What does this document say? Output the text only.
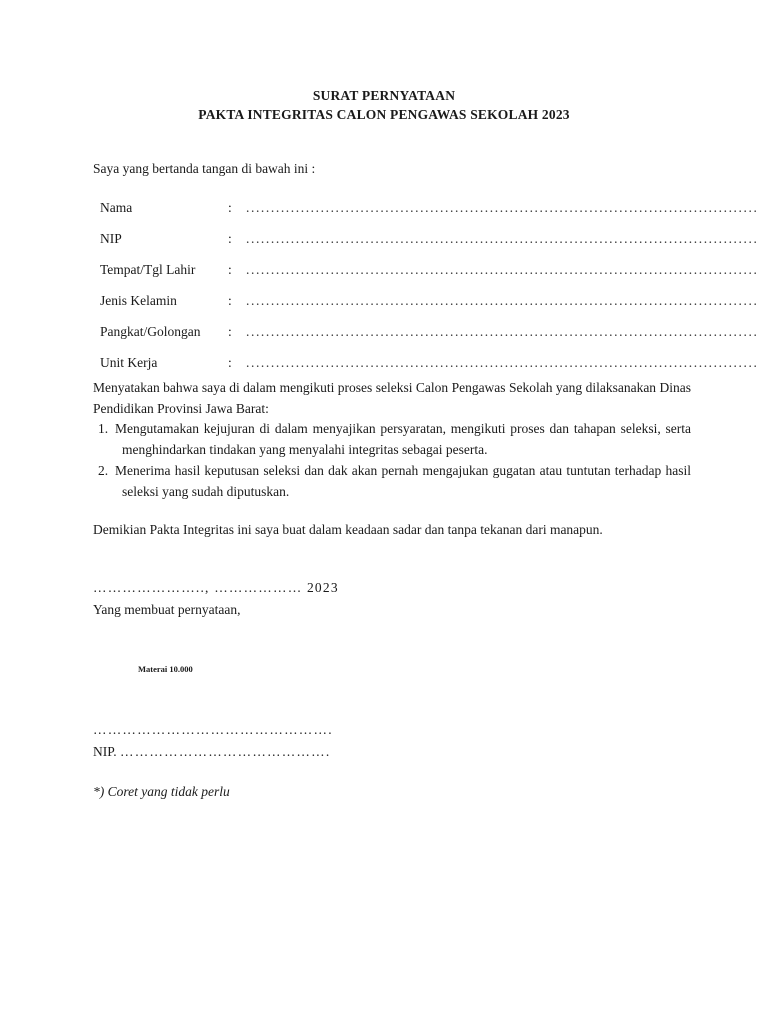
SURAT PERNYATAAN
PAKTA INTEGRITAS CALON PENGAWAS SEKOLAH 2023
Saya yang bertanda tangan di bawah ini :
Nama	:	.......................................................................................................
NIP	:	.......................................................................................................
Tempat/Tgl Lahir	:	.......................................................................................................
Jenis Kelamin	:	.......................................................................................................
Pangkat/Golongan	:	.......................................................................................................
Unit Kerja	:	.......................................................................................................
Menyatakan bahwa saya di dalam mengikuti proses seleksi Calon Pengawas Sekolah yang dilaksanakan Dinas Pendidikan Provinsi Jawa Barat:
1. Mengutamakan kejujuran di dalam menyajikan persyaratan, mengikuti proses dan tahapan seleksi, serta menghindarkan tindakan yang menyalahi integritas sebagai peserta.
2. Menerima hasil keputusan seleksi dan dak akan pernah mengajukan gugatan atau tuntutan terhadap hasil seleksi yang sudah diputuskan.
Demikian Pakta Integritas ini saya buat dalam keadaan sadar dan tanpa tekanan dari manapun.
………………….., ……………… 2023
Yang membuat pernyataan,
Materai 10.000
………………………………………….
NIP. …………………………………….
*) Coret yang tidak perlu
